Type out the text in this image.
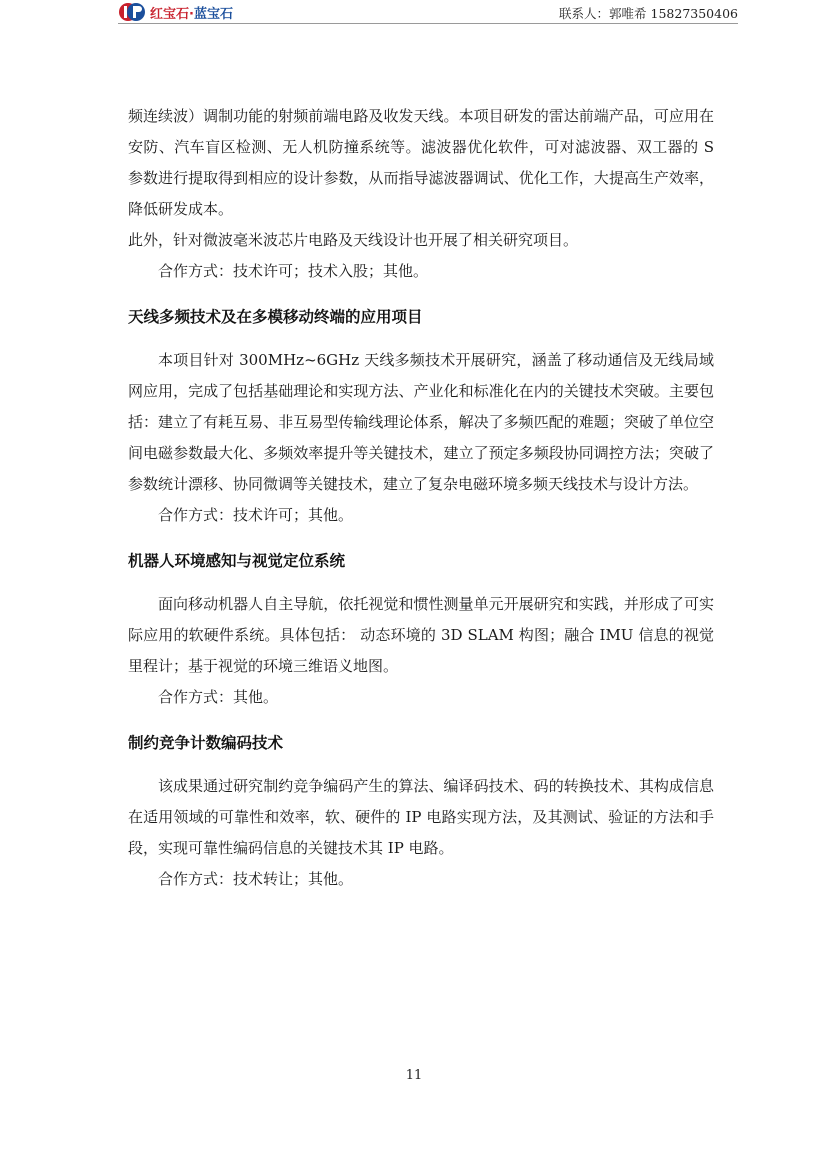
红宝石·蓝宝石	联系人：郭唯希 15827350406

频连续波）调制功能的射频前端电路及收发天线。本项目研发的雷达前端产品，可应用在安防、汽车盲区检测、无人机防撞系统等。滤波器优化软件，可对滤波器、双工器的 S 参数进行提取得到相应的设计参数，从而指导滤波器调试、优化工作，大提高生产效率，降低研发成本。

此外，针对微波毫米波芯片电路及天线设计也开展了相关研究项目。

合作方式：技术许可；技术入股；其他。

天线多频技术及在多模移动终端的应用项目

本项目针对 300MHz~6GHz 天线多频技术开展研究，涵盖了移动通信及无线局域网应用，完成了包括基础理论和实现方法、产业化和标准化在内的关键技术突破。主要包括：建立了有耗互易、非互易型传输线理论体系，解决了多频匹配的难题；突破了单位空间电磁参数最大化、多频效率提升等关键技术，建立了预定多频段协同调控方法；突破了参数统计漂移、协同微调等关键技术，建立了复杂电磁环境多频天线技术与设计方法。

合作方式：技术许可；其他。

机器人环境感知与视觉定位系统

面向移动机器人自主导航，依托视觉和惯性测量单元开展研究和实践，并形成了可实际应用的软硬件系统。具体包括： 动态环境的 3D SLAM 构图；融合 IMU 信息的视觉里程计；基于视觉的环境三维语义地图。

合作方式：其他。

制约竞争计数编码技术

该成果通过研究制约竞争编码产生的算法、编译码技术、码的转换技术、其构成信息在适用领域的可靠性和效率，软、硬件的 IP 电路实现方法，及其测试、验证的方法和手段，实现可靠性编码信息的关键技术其 IP 电路。

合作方式：技术转让；其他。

11
